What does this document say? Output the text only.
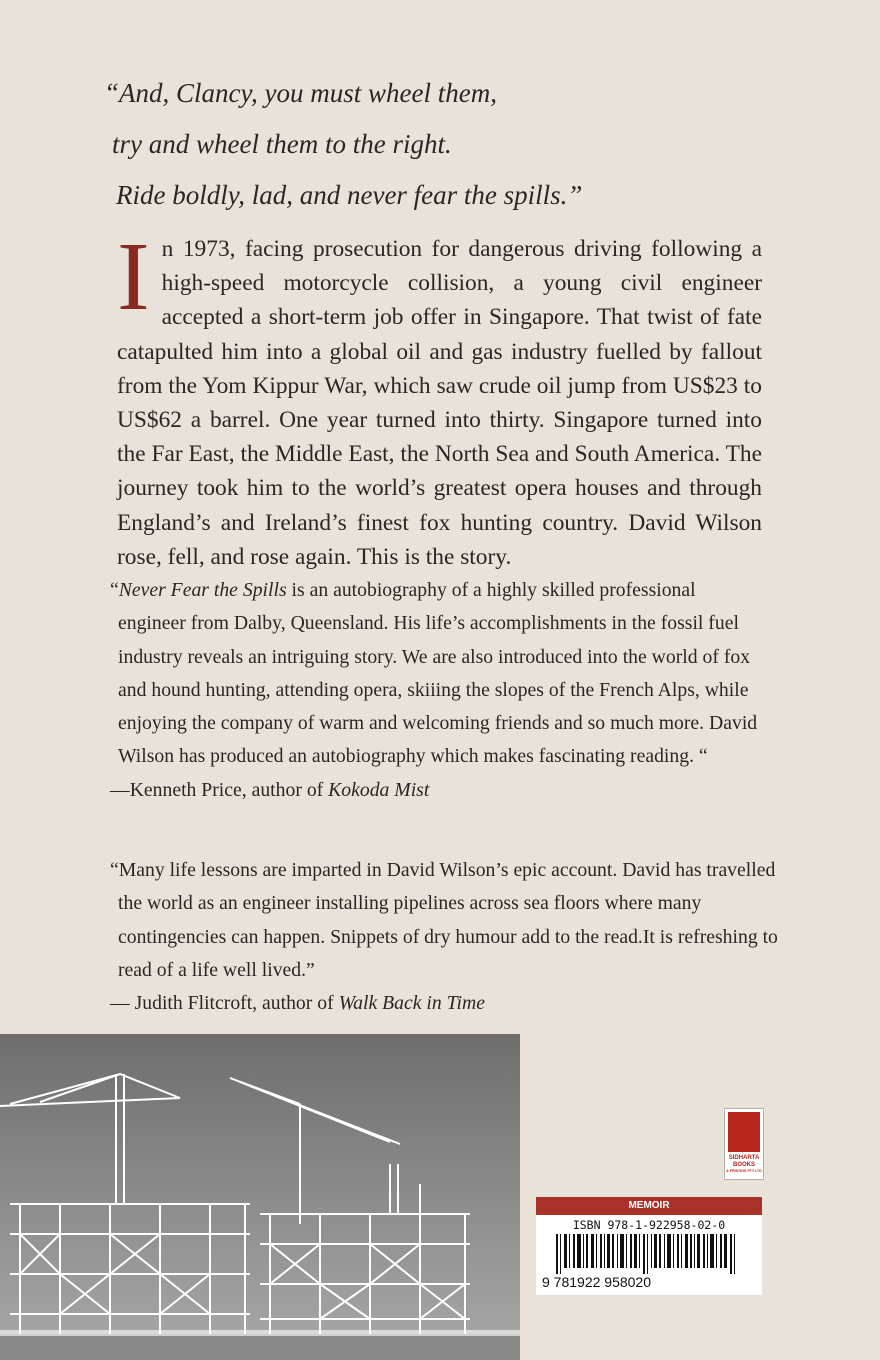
“And, Clancy, you must wheel them,
try and wheel them to the right.
Ride boldly, lad, and never fear the spills.”
In 1973, facing prosecution for dangerous driving following a high-speed motorcycle collision, a young civil engineer accepted a short-term job offer in Singapore. That twist of fate catapulted him into a global oil and gas industry fuelled by fallout from the Yom Kippur War, which saw crude oil jump from US$23 to US$62 a barrel. One year turned into thirty. Singapore turned into the Far East, the Middle East, the North Sea and South America. The journey took him to the world’s greatest opera houses and through England’s and Ireland’s finest fox hunting country. David Wilson rose, fell, and rose again. This is the story.
“Never Fear the Spills is an autobiography of a highly skilled professional engineer from Dalby, Queensland. His life’s accomplishments in the fossil fuel industry reveals an intriguing story. We are also introduced into the world of fox and hound hunting, attending opera, skiiing the slopes of the French Alps, while enjoying the company of warm and welcoming friends and so much more. David Wilson has produced an autobiography which makes fascinating reading. “
—Kenneth Price, author of Kokoda Mist
“Many life lessons are imparted in David Wilson’s epic account. David has travelled the world as an engineer installing pipelines across sea floors where many contingencies can happen. Snippets of dry humour add to the read.It is refreshing to read of a life well lived.”
— Judith Flitcroft, author of Walk Back in Time
SIDHARTA
BOOKS
& PRINTING PTY LTD
MEMOIR
ISBN 978-1-922958-02-0
9 781922 958020
